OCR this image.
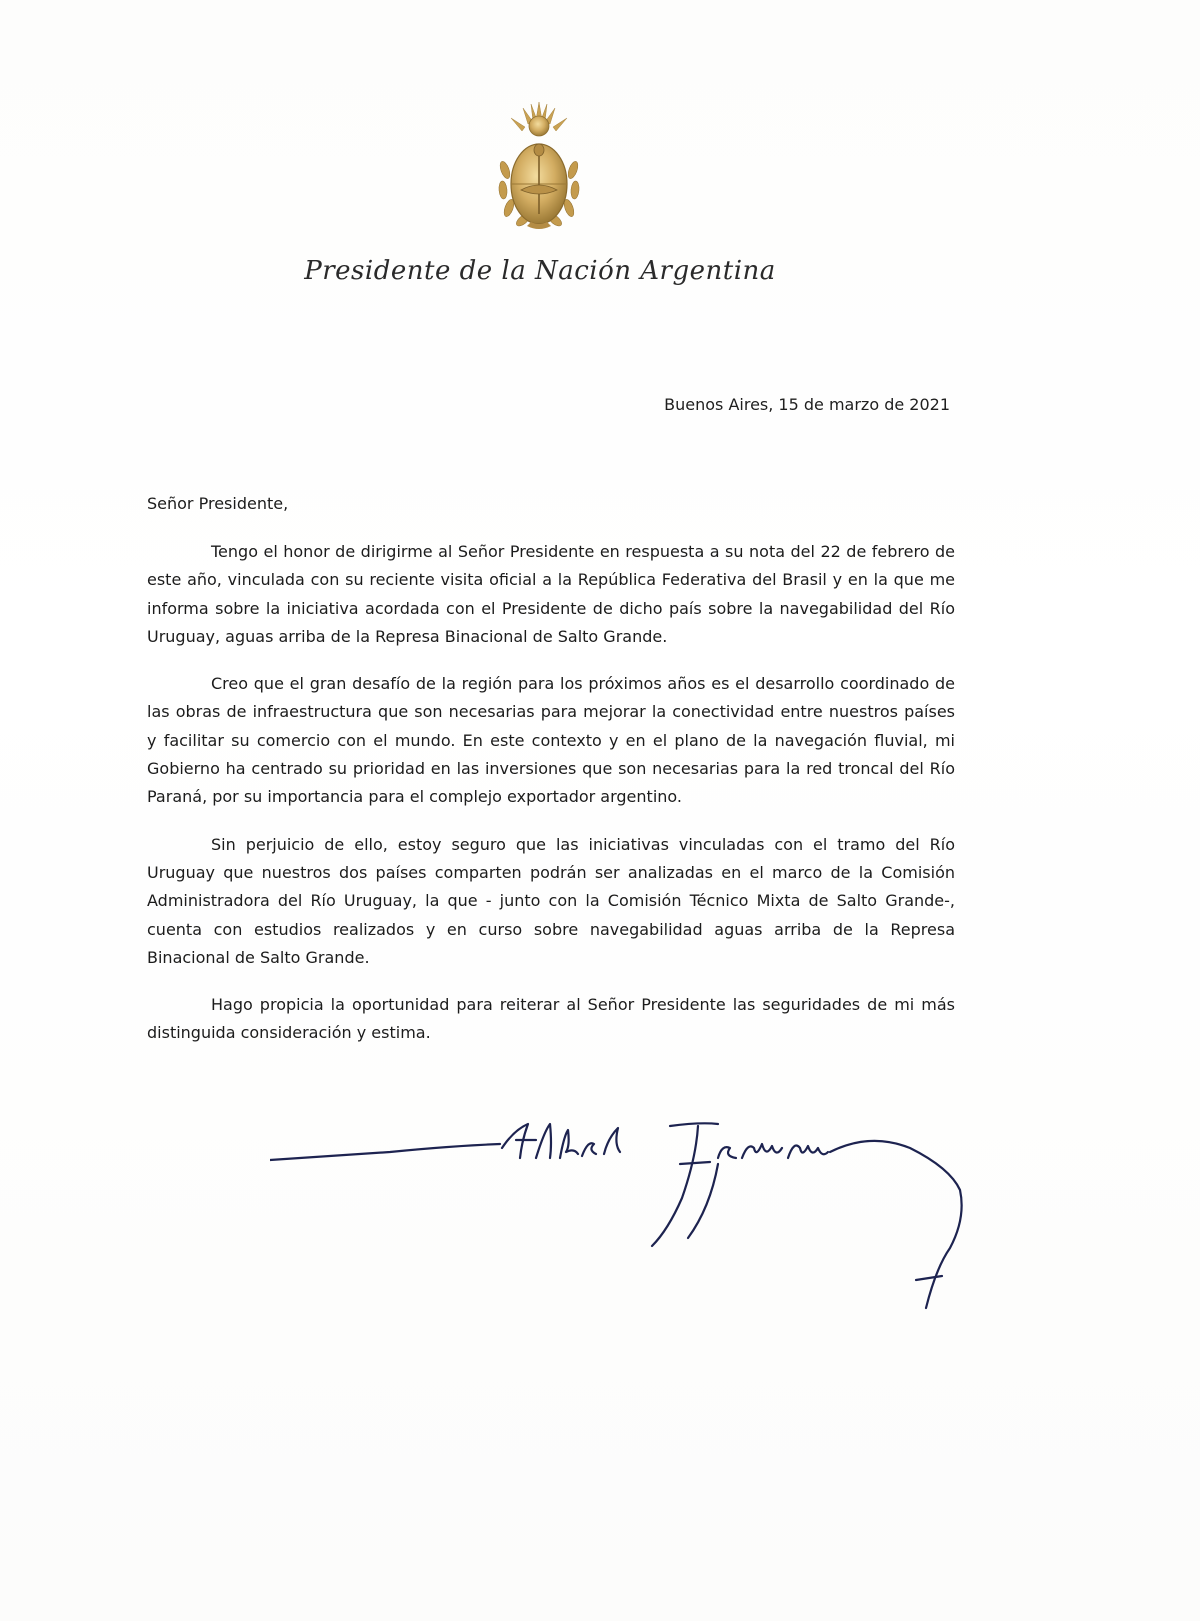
Presidente de la Nación Argentina
Buenos Aires, 15 de marzo de 2021
Señor Presidente,

Tengo el honor de dirigirme al Señor Presidente en respuesta a su nota del 22 de febrero de este año, vinculada con su reciente visita oficial a la República Federativa del Brasil y en la que me informa sobre la iniciativa acordada con el Presidente de dicho país sobre la navegabilidad del Río Uruguay, aguas arriba de la Represa Binacional de Salto Grande.

Creo que el gran desafío de la región para los próximos años es el desarrollo coordinado de las obras de infraestructura que son necesarias para mejorar la conectividad entre nuestros países y facilitar su comercio con el mundo. En este contexto y en el plano de la navegación fluvial, mi Gobierno ha centrado su prioridad en las inversiones que son necesarias para la red troncal del Río Paraná, por su importancia para el complejo exportador argentino.

Sin perjuicio de ello, estoy seguro que las iniciativas vinculadas con el tramo del Río Uruguay que nuestros dos países comparten podrán ser analizadas en el marco de la Comisión Administradora del Río Uruguay, la que - junto con la Comisión Técnico Mixta de Salto Grande-, cuenta con estudios realizados y en curso sobre navegabilidad aguas arriba de la Represa Binacional de Salto Grande.

Hago propicia la oportunidad para reiterar al Señor Presidente las seguridades de mi más distinguida consideración y estima.
